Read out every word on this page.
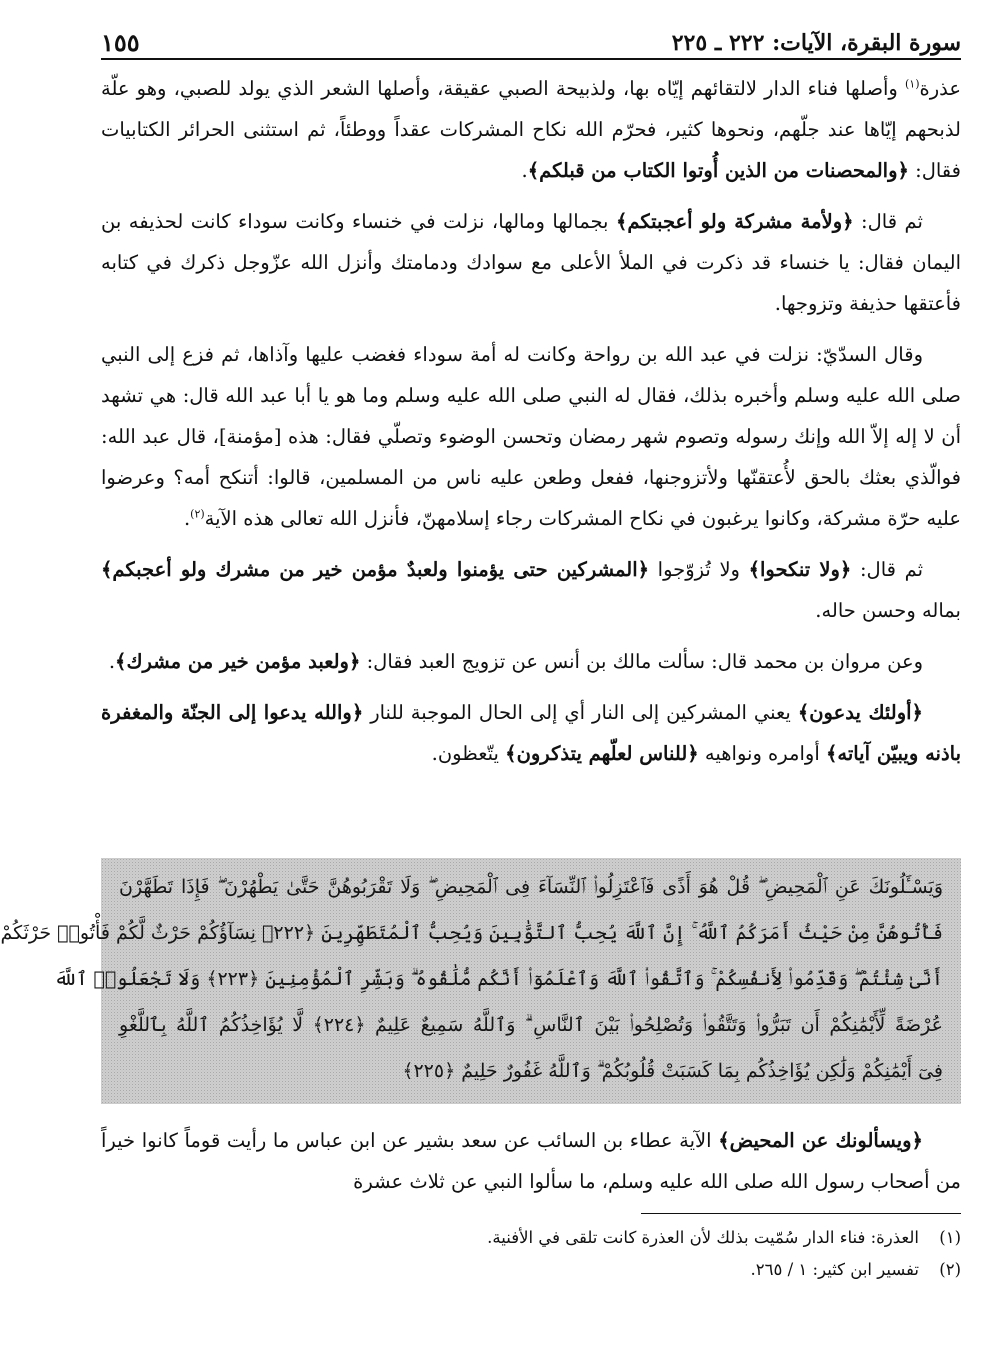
سورة البقرة، الآيات: ٢٢٢ ـ ٢٢٥
١٥٥

عذرة$^{(١)}$ وأصلها فناء الدار لالتقائهم إيّاه بها، ولذبيحة الصبي عقيقة، وأصلها الشعر الذي يولد للصبي، وهو علّة لذبحهم إيّاها عند جلّهم، ونحوها كثير، فحرّم الله نكاح المشركات عقداً ووطئاً، ثم استثنى الحرائر الكتابيات فقال: ﴿والمحصنات من الذين أُوتوا الكتاب من قبلكم﴾.

ثم قال: ﴿ولأمة مشركة ولو أعجبتكم﴾ بجمالها ومالها، نزلت في خنساء وكانت سوداء كانت لحذيفه بن اليمان فقال: يا خنساء قد ذكرت في الملأ الأعلى مع سوادك ودمامتك وأنزل الله عزّوجل ذكرك في كتابه فأعتقها حذيفة وتزوجها.

وقال السدّيّ: نزلت في عبد الله بن رواحة وكانت له أمة سوداء فغضب عليها وآذاها، ثم فزع إلى النبي صلى الله عليه وسلم وأخبره بذلك، فقال له النبي صلى الله عليه وسلم وما هو يا أبا عبد الله قال: هي تشهد أن لا إله إلاّ الله وإنك رسوله وتصوم شهر رمضان وتحسن الوضوء وتصلّي فقال: هذه [مؤمنة]، قال عبد الله: فوالّذي بعثك بالحق لأُعتقنّها ولأتزوجنها، ففعل وطعن عليه ناس من المسلمين، قالوا: أتنكح أمه؟ وعرضوا عليه حرّة مشركة، وكانوا يرغبون في نكاح المشركات رجاء إسلامهنّ، فأنزل الله تعالى هذه الآية$^{(٢)}$.

ثم قال: ﴿ولا تنكحوا﴾ ولا تُزوّجوا ﴿المشركين حتى يؤمنوا ولعبدٌ مؤمن خير من مشرك ولو أعجبكم﴾ بماله وحسن حاله.

وعن مروان بن محمد قال: سألت مالك بن أنس عن تزويج العبد فقال: ﴿ولعبد مؤمن خير من مشرك﴾.

﴿أولئك يدعون﴾ يعني المشركين إلى النار أي إلى الحال الموجبة للنار ﴿والله يدعوا إلى الجنّة والمغفرة باذنه ويبيّن آياته﴾ أوامره ونواهيه ﴿للناس لعلّهم يتذكرون﴾ يتّعظون.

وَيَسْـَٔلُونَكَ عَنِ ٱلْمَحِيضِ ۖ قُلْ هُوَ أَذًى فَٱعْتَزِلُوا۟ ٱلنِّسَآءَ فِى ٱلْمَحِيضِ ۖ وَلَا تَقْرَبُوهُنَّ حَتَّىٰ يَطْهُرْنَ ۖ فَإِذَا تَطَهَّرْنَ
فَأْتُوهُنَّ مِنْ حَيْثُ أَمَرَكُمُ ٱللَّهُ ۚ إِنَّ ٱللَّهَ يُحِبُّ ٱلتَّوَّٰبِينَ وَيُحِبُّ ٱلْمُتَطَهِّرِينَ ﴿٢٢٢﴾ نِسَآؤُكُمْ حَرْثٌ لَّكُمْ فَأْتُوا۟ حَرْثَكُمْ
أَنَّىٰ شِئْتُمْ ۖ وَقَدِّمُوا۟ لِأَنفُسِكُمْ ۚ وَٱتَّقُوا۟ ٱللَّهَ وَٱعْلَمُوٓا۟ أَنَّكُم مُّلَٰقُوهُ ۗ وَبَشِّرِ ٱلْمُؤْمِنِينَ ﴿٢٢٣﴾ وَلَا تَجْعَلُوا۟ ٱللَّهَ
عُرْضَةً لِّأَيْمَٰنِكُمْ أَن تَبَرُّوا۟ وَتَتَّقُوا۟ وَتُصْلِحُوا۟ بَيْنَ ٱلنَّاسِ ۗ وَٱللَّهُ سَمِيعٌ عَلِيمٌ ﴿٢٢٤﴾ لَّا يُؤَاخِذُكُمُ ٱللَّهُ بِٱللَّغْوِ
فِىٓ أَيْمَٰنِكُمْ وَلَٰكِن يُؤَاخِذُكُم بِمَا كَسَبَتْ قُلُوبُكُمْ ۗ وَٱللَّهُ غَفُورٌ حَلِيمٌ ﴿٢٢٥﴾

﴿ويسألونك عن المحيض﴾ الآية عطاء بن السائب عن سعد بشير عن ابن عباس ما رأيت قوماً كانوا خيراً من أصحاب رسول الله صلى الله عليه وسلم، ما سألوا النبي عن ثلاث عشرة

(١)
العذرة: فناء الدار سُمّيت بذلك لأن العذرة كانت تلقى في الأفنية.
(٢)
تفسير ابن كثير: ١ / ٢٦٥.
